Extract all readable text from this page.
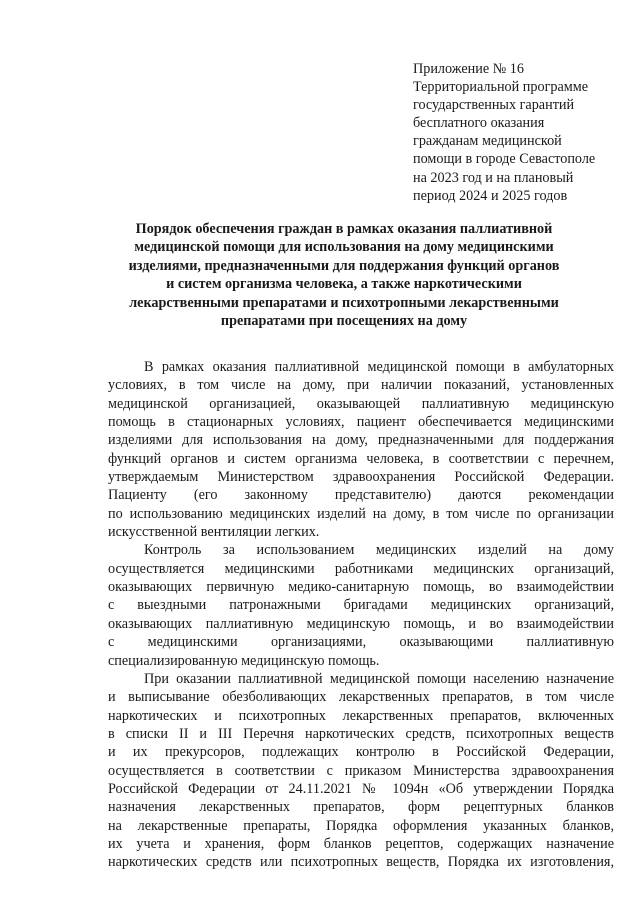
Приложение № 16
Территориальной программе
государственных гарантий
бесплатного оказания
гражданам медицинской
помощи в городе Севастополе
на 2023 год и на плановый
период 2024 и 2025 годов
Порядок обеспечения граждан в рамках оказания паллиативной
медицинской помощи для использования на дому медицинскими
изделиями, предназначенными для поддержания функций органов
и систем организма человека, а также наркотическими
лекарственными препаратами и психотропными лекарственными
препаратами при посещениях на дому
В рамках оказания паллиативной медицинской помощи в амбулаторных
условиях, в том числе на дому, при наличии показаний, установленных
медицинской организацией, оказывающей паллиативную медицинскую
помощь в стационарных условиях, пациент обеспечивается медицинскими
изделиями для использования на дому, предназначенными для поддержания
функций органов и систем организма человека, в соответствии с перечнем,
утверждаемым Министерством здравоохранения Российской Федерации.
Пациенту (его законному представителю) даются рекомендации
по использованию медицинских изделий на дому, в том числе по организации
искусственной вентиляции легких.
Контроль за использованием медицинских изделий на дому
осуществляется медицинскими работниками медицинских организаций,
оказывающих первичную медико-санитарную помощь, во взаимодействии
с выездными патронажными бригадами медицинских организаций,
оказывающих паллиативную медицинскую помощь, и во взаимодействии
с медицинскими организациями, оказывающими паллиативную
специализированную медицинскую помощь.
При оказании паллиативной медицинской помощи населению назначение
и выписывание обезболивающих лекарственных препаратов, в том числе
наркотических и психотропных лекарственных препаратов, включенных
в списки II и III Перечня наркотических средств, психотропных веществ
и их прекурсоров, подлежащих контролю в Российской Федерации,
осуществляется в соответствии с приказом Министерства здравоохранения
Российской Федерации от 24.11.2021 № 1094н «Об утверждении Порядка
назначения лекарственных препаратов, форм рецептурных бланков
на лекарственные препараты, Порядка оформления указанных бланков,
их учета и хранения, форм бланков рецептов, содержащих назначение
наркотических средств или психотропных веществ, Порядка их изготовления,
